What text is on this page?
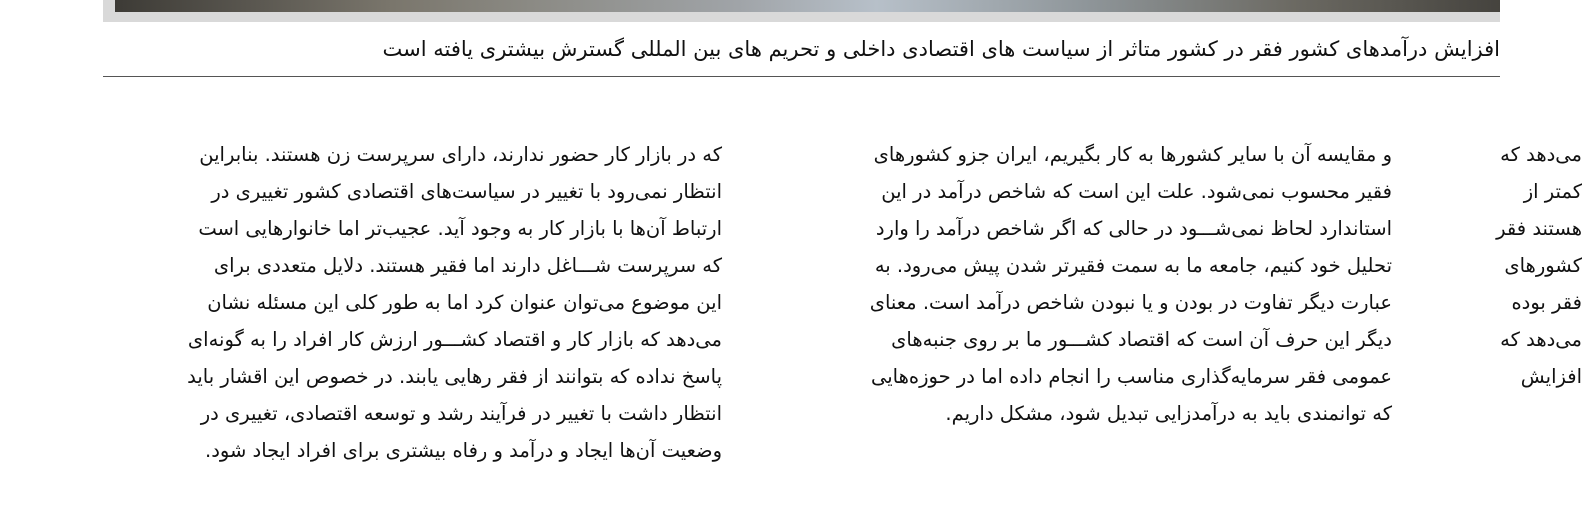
افزایش درآمدهای کشور فقر در کشور متاثر از سیاست های اقتصادی داخلی و تحریم های بین المللی گسترش بیشتری یافته است
و مقایسه آن با سایر کشورها به کار بگیریم، ایران جزو کشورهای
فقیر محسوب نمی‌شود. علت این است که شاخص درآمد در این
استاندارد لحاظ نمی‌شـــود در حالی که اگر شاخص درآمد را وارد
تحلیل خود کنیم، جامعه ما به سمت فقیرتر شدن پیش می‌رود. به
عبارت دیگر تفاوت در بودن و یا نبودن شاخص درآمد است. معنای
دیگر این حرف آن است که اقتصاد کشـــور ما بر روی جنبه‌های
عمومی فقر سرمایه‌گذاری مناسب را انجام داده اما در حوزه‌هایی
که توانمندی باید به درآمدزایی تبدیل شود، مشکل داریم.
که در بازار کار حضور ندارند، دارای سرپرست زن هستند. بنابراین
انتظار نمی‌رود با تغییر در سیاست‌های اقتصادی کشور تغییری در
ارتباط آن‌ها با بازار کار به وجود آید. عجیب‌تر اما خانوارهایی است
که سرپرست شـــاغل دارند اما فقیر هستند. دلایل متعددی برای
این موضوع می‌توان عنوان کرد اما به طور کلی این مسئله نشان
می‌دهد که بازار کار و اقتصاد کشـــور ارزش کار افراد را به گونه‌ای
پاسخ نداده که بتوانند از فقر رهایی یابند. در خصوص این اقشار باید
انتظار داشت با تغییر در فرآیند رشد و توسعه اقتصادی، تغییری در
وضعیت آن‌ها ایجاد و درآمد و رفاه بیشتری برای افراد ایجاد شود.
می‌دهد که
کمتر از
هستند فقر
کشورهای
فقر بوده
می‌دهد که
افزایش
